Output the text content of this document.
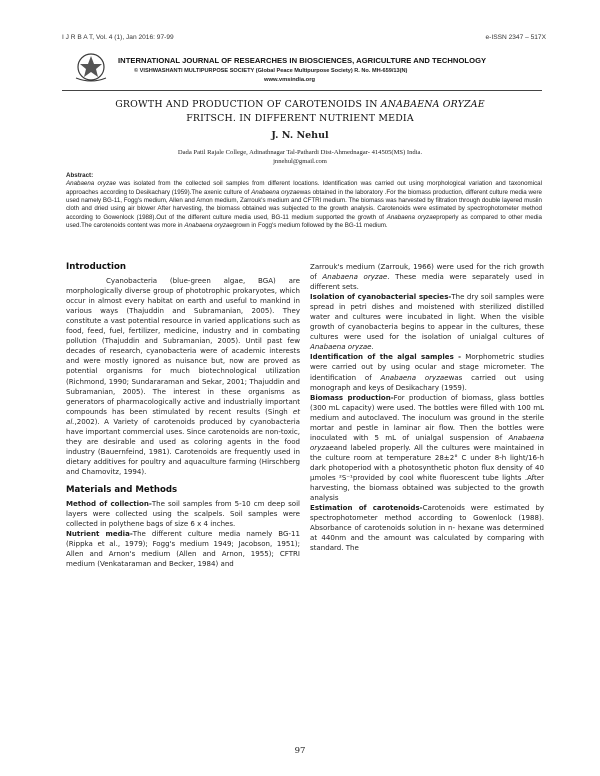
I J R B A T, Vol. 4 (1), Jan 2016: 97-99	e-ISSN 2347 – 517X
INTERNATIONAL JOURNAL OF RESEARCHES IN BIOSCIENCES, AGRICULTURE AND TECHNOLOGY
© VISHWASHANTI MULTIPURPOSE SOCIETY (Global Peace Multipurpose Society) R. No. MH-659/13(N)
www.vmsindia.org
GROWTH AND PRODUCTION OF CAROTENOIDS IN ANABAENA ORYZAE
FRITSCH. IN DIFFERENT NUTRIENT MEDIA
J. N. Nehul
Dada Patil Rajale College, Adinathnagar Tal-Pathardi Dist-Ahmednagar- 414505(MS) India.
jnnehul@gmail.com
Abstract:
Anabaena oryzae was isolated from the collected soil samples from different locations. Identification was carried out using morphological variation and taxonomical approaches according to Desikachary (1959).The axenic culture of Anabaena oryzaewas obtained in the laboratory .For the biomass production, different culture media were used namely BG-11, Fogg's medium, Allen and Arnon medium, Zarrouk's medium and CFTRI medium. The biomass was harvested by filtration through double layered muslin cloth and dried using air blower After harvesting, the biomass obtained was subjected to the growth analysis. Carotenoids were estimated by spectrophotometer method according to Gowenlock (1988).Out of the different culture media used, BG-11 medium supported the growth of Anabaena oryzaeproperly as compared to other media used.The carotenoids content was more in Anabaena oryzaegrown in Fogg's medium followed by the BG-11 medium.
Introduction

Cyanobacteria (blue-green algae, BGA) are morphologically diverse group of phototrophic prokaryotes, which occur in almost every habitat on earth and useful to mankind in various ways (Thajuddin and Subramanian, 2005). They constitute a vast potential resource in varied applications such as food, feed, fuel, fertilizer, medicine, industry and in combating pollution (Thajuddin and Subramanian, 2005). Until past few decades of research, cyanobacteria were of academic interests and were mostly ignored as nuisance but, now are proved as potential organisms for much biotechnological utilization (Richmond, 1990; Sundararaman and Sekar, 2001; Thajuddin and Subramanian, 2005). The interest in these organisms as generators of pharmacologically active and industrially important compounds has been stimulated by recent results (Singh et al.,2002). A Variety of carotenoids produced by cyanobacteria have important commercial uses. Since carotenoids are non-toxic, they are desirable and used as coloring agents in the food industry (Bauernfeind, 1981). Carotenoids are frequently used in dietary additives for poultry and aquaculture farming (Hirschberg and Chamovitz, 1994).

Materials and Methods

Method of collection-The soil samples from 5-10 cm deep soil layers were collected using the scalpels. Soil samples were collected in polythene bags of size 6 x 4 inches.

Nutrient media-The different culture media namely BG-11 (Rippka et al., 1979); Fogg's medium 1949; Jacobson, 1951); Allen and Arnon's medium (Allen and Arnon, 1955); CFTRI medium (Venkataraman and Becker, 1984) and

Zarrouk's medium (Zarrouk, 1966) were used for the rich growth of Anabaena oryzae. These media were separately used in different sets.

Isolation of cyanobacterial species-The dry soil samples were spread in petri dishes and moistened with sterilized distilled water and cultures were incubated in light. When the visible growth of cyanobacteria begins to appear in the cultures, these cultures were used for the isolation of unialgal cultures of Anabaena oryzae.

Identification of the algal samples - Morphometric studies were carried out by using ocular and stage micrometer. The identification of Anabaena oryzaewas carried out using monograph and keys of Desikachary (1959).

Biomass production-For production of biomass, glass bottles (300 mL capacity) were used. The bottles were filled with 100 mL medium and autoclaved. The inoculum was ground in the sterile mortar and pestle in laminar air flow. Then the bottles were inoculated with 5 mL of unialgal suspension of Anabaena oryzaeand labeled properly. All the cultures were maintained in the culture room at temperature 28±2° C under 8-h light/16-h dark photoperiod with a photosynthetic photon flux density of 40 µmoles ²S⁻¹provided by cool white fluorescent tube lights .After harvesting, the biomass obtained was subjected to the growth analysis

Estimation of carotenoids-Carotenoids were estimated by spectrophotometer method according to Gowenlock (1988). Absorbance of carotenoids solution in n- hexane was determined at 440nm and the amount was calculated by comparing with standard. The

97
